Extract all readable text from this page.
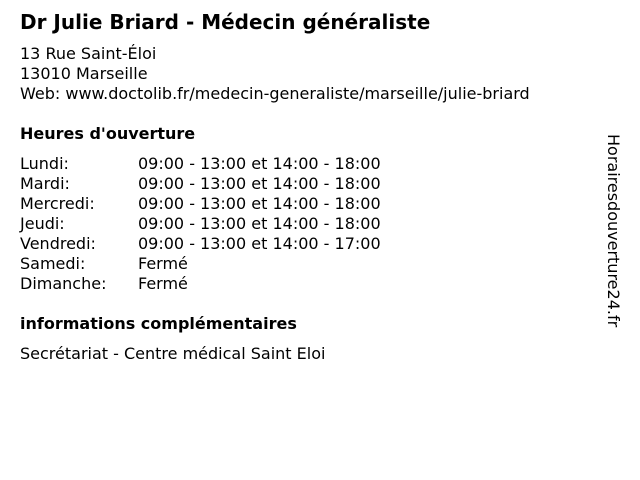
Dr Julie Briard - Médecin généraliste
13 Rue Saint-Éloi
13010 Marseille
Web: www.doctolib.fr/medecin-generaliste/marseille/julie-briard
Heures d'ouverture
Lundi:	09:00 - 13:00 et 14:00 - 18:00
Mardi:	09:00 - 13:00 et 14:00 - 18:00
Mercredi:	09:00 - 13:00 et 14:00 - 18:00
Jeudi:	09:00 - 13:00 et 14:00 - 18:00
Vendredi:	09:00 - 13:00 et 14:00 - 17:00
Samedi:	Fermé
Dimanche:	Fermé
informations complémentaires
Secrétariat - Centre médical Saint Eloi
Horairesdouverture24.fr
